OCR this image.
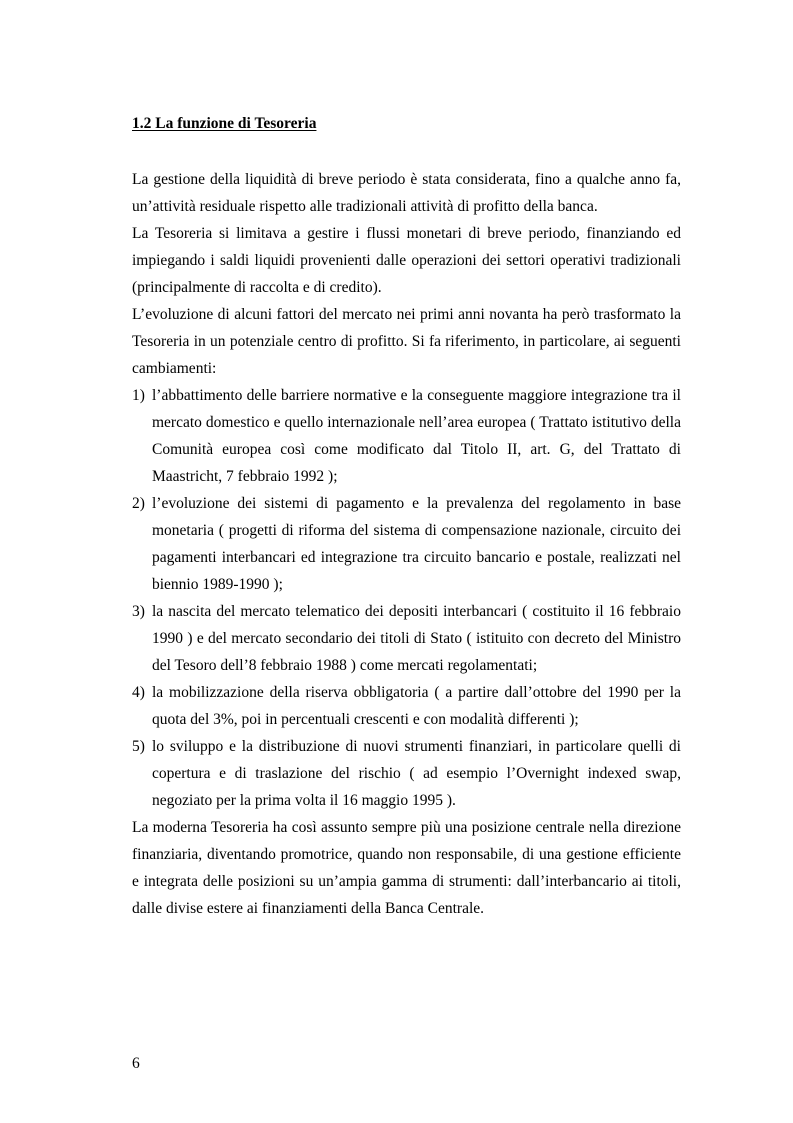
1.2 La funzione di Tesoreria

La gestione della liquidità di breve periodo è stata considerata, fino a qualche anno fa, un’attività residuale rispetto alle tradizionali attività di profitto della banca.

La Tesoreria si limitava a gestire i flussi monetari di breve periodo, finanziando ed impiegando i saldi liquidi provenienti dalle operazioni dei settori operativi tradizionali (principalmente di raccolta e di credito).

L’evoluzione di alcuni fattori del mercato nei primi anni novanta ha però trasformato la Tesoreria in un potenziale centro di profitto. Si fa riferimento, in particolare, ai seguenti cambiamenti:

1) l’abbattimento delle barriere normative e la conseguente maggiore integrazione tra il mercato domestico e quello internazionale nell’area europea ( Trattato istitutivo della Comunità europea così come modificato dal Titolo II, art. G, del Trattato di Maastricht, 7 febbraio 1992 );
2) l’evoluzione dei sistemi di pagamento e la prevalenza del regolamento in base monetaria ( progetti di riforma del sistema di compensazione nazionale, circuito dei pagamenti interbancari ed integrazione tra circuito bancario e postale, realizzati nel biennio 1989-1990 );
3) la nascita del mercato telematico dei depositi interbancari ( costituito il 16 febbraio 1990 ) e del mercato secondario dei titoli di Stato ( istituito con decreto del Ministro del Tesoro dell’8 febbraio 1988 ) come mercati regolamentati;
4) la mobilizzazione della riserva obbligatoria ( a partire dall’ottobre del 1990 per la quota del 3%, poi in percentuali crescenti e con modalità differenti );
5) lo sviluppo e la distribuzione di nuovi strumenti finanziari, in particolare quelli di copertura e di traslazione del rischio ( ad esempio l’Overnight indexed swap, negoziato per la prima volta il 16 maggio 1995 ).

La moderna Tesoreria ha così assunto sempre più una posizione centrale nella direzione finanziaria, diventando promotrice, quando non responsabile, di una gestione efficiente e integrata delle posizioni su un’ampia gamma di strumenti: dall’interbancario ai titoli, dalle divise estere ai finanziamenti della Banca Centrale.

6
